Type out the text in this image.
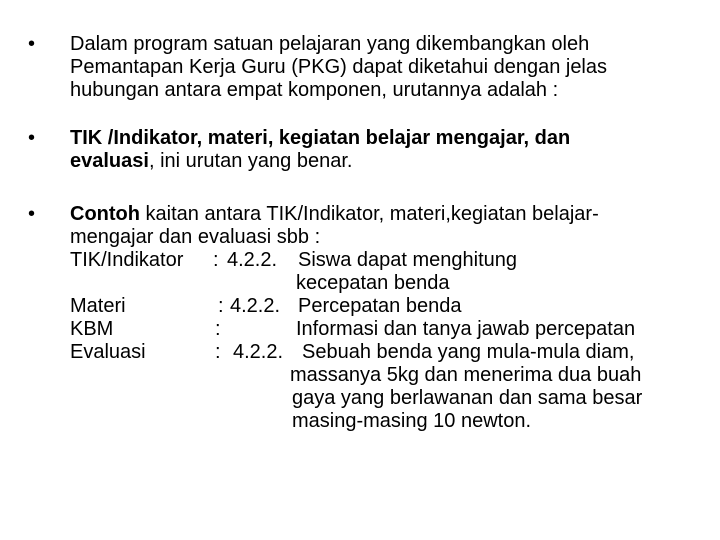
• Dalam program satuan pelajaran yang dikembangkan oleh
Pemantapan Kerja Guru (PKG) dapat diketahui dengan jelas
hubungan antara empat komponen, urutannya adalah :
• TIK /Indikator, materi, kegiatan belajar mengajar, dan
evaluasi, ini urutan yang benar.
• Contoh kaitan antara TIK/Indikator, materi,kegiatan belajar-
mengajar dan evaluasi sbb :
TIK/Indikator : 4.2.2. Siswa dapat menghitung
kecepatan benda
Materi	: 4.2.2. Percepatan benda
KBM	:	Informasi dan tanya jawab percepatan
Evaluasi	: 4.2.2. Sebuah benda yang mula-mula diam,
massanya 5kg dan menerima dua buah
gaya yang berlawanan dan sama besar
masing-masing 10 newton.
